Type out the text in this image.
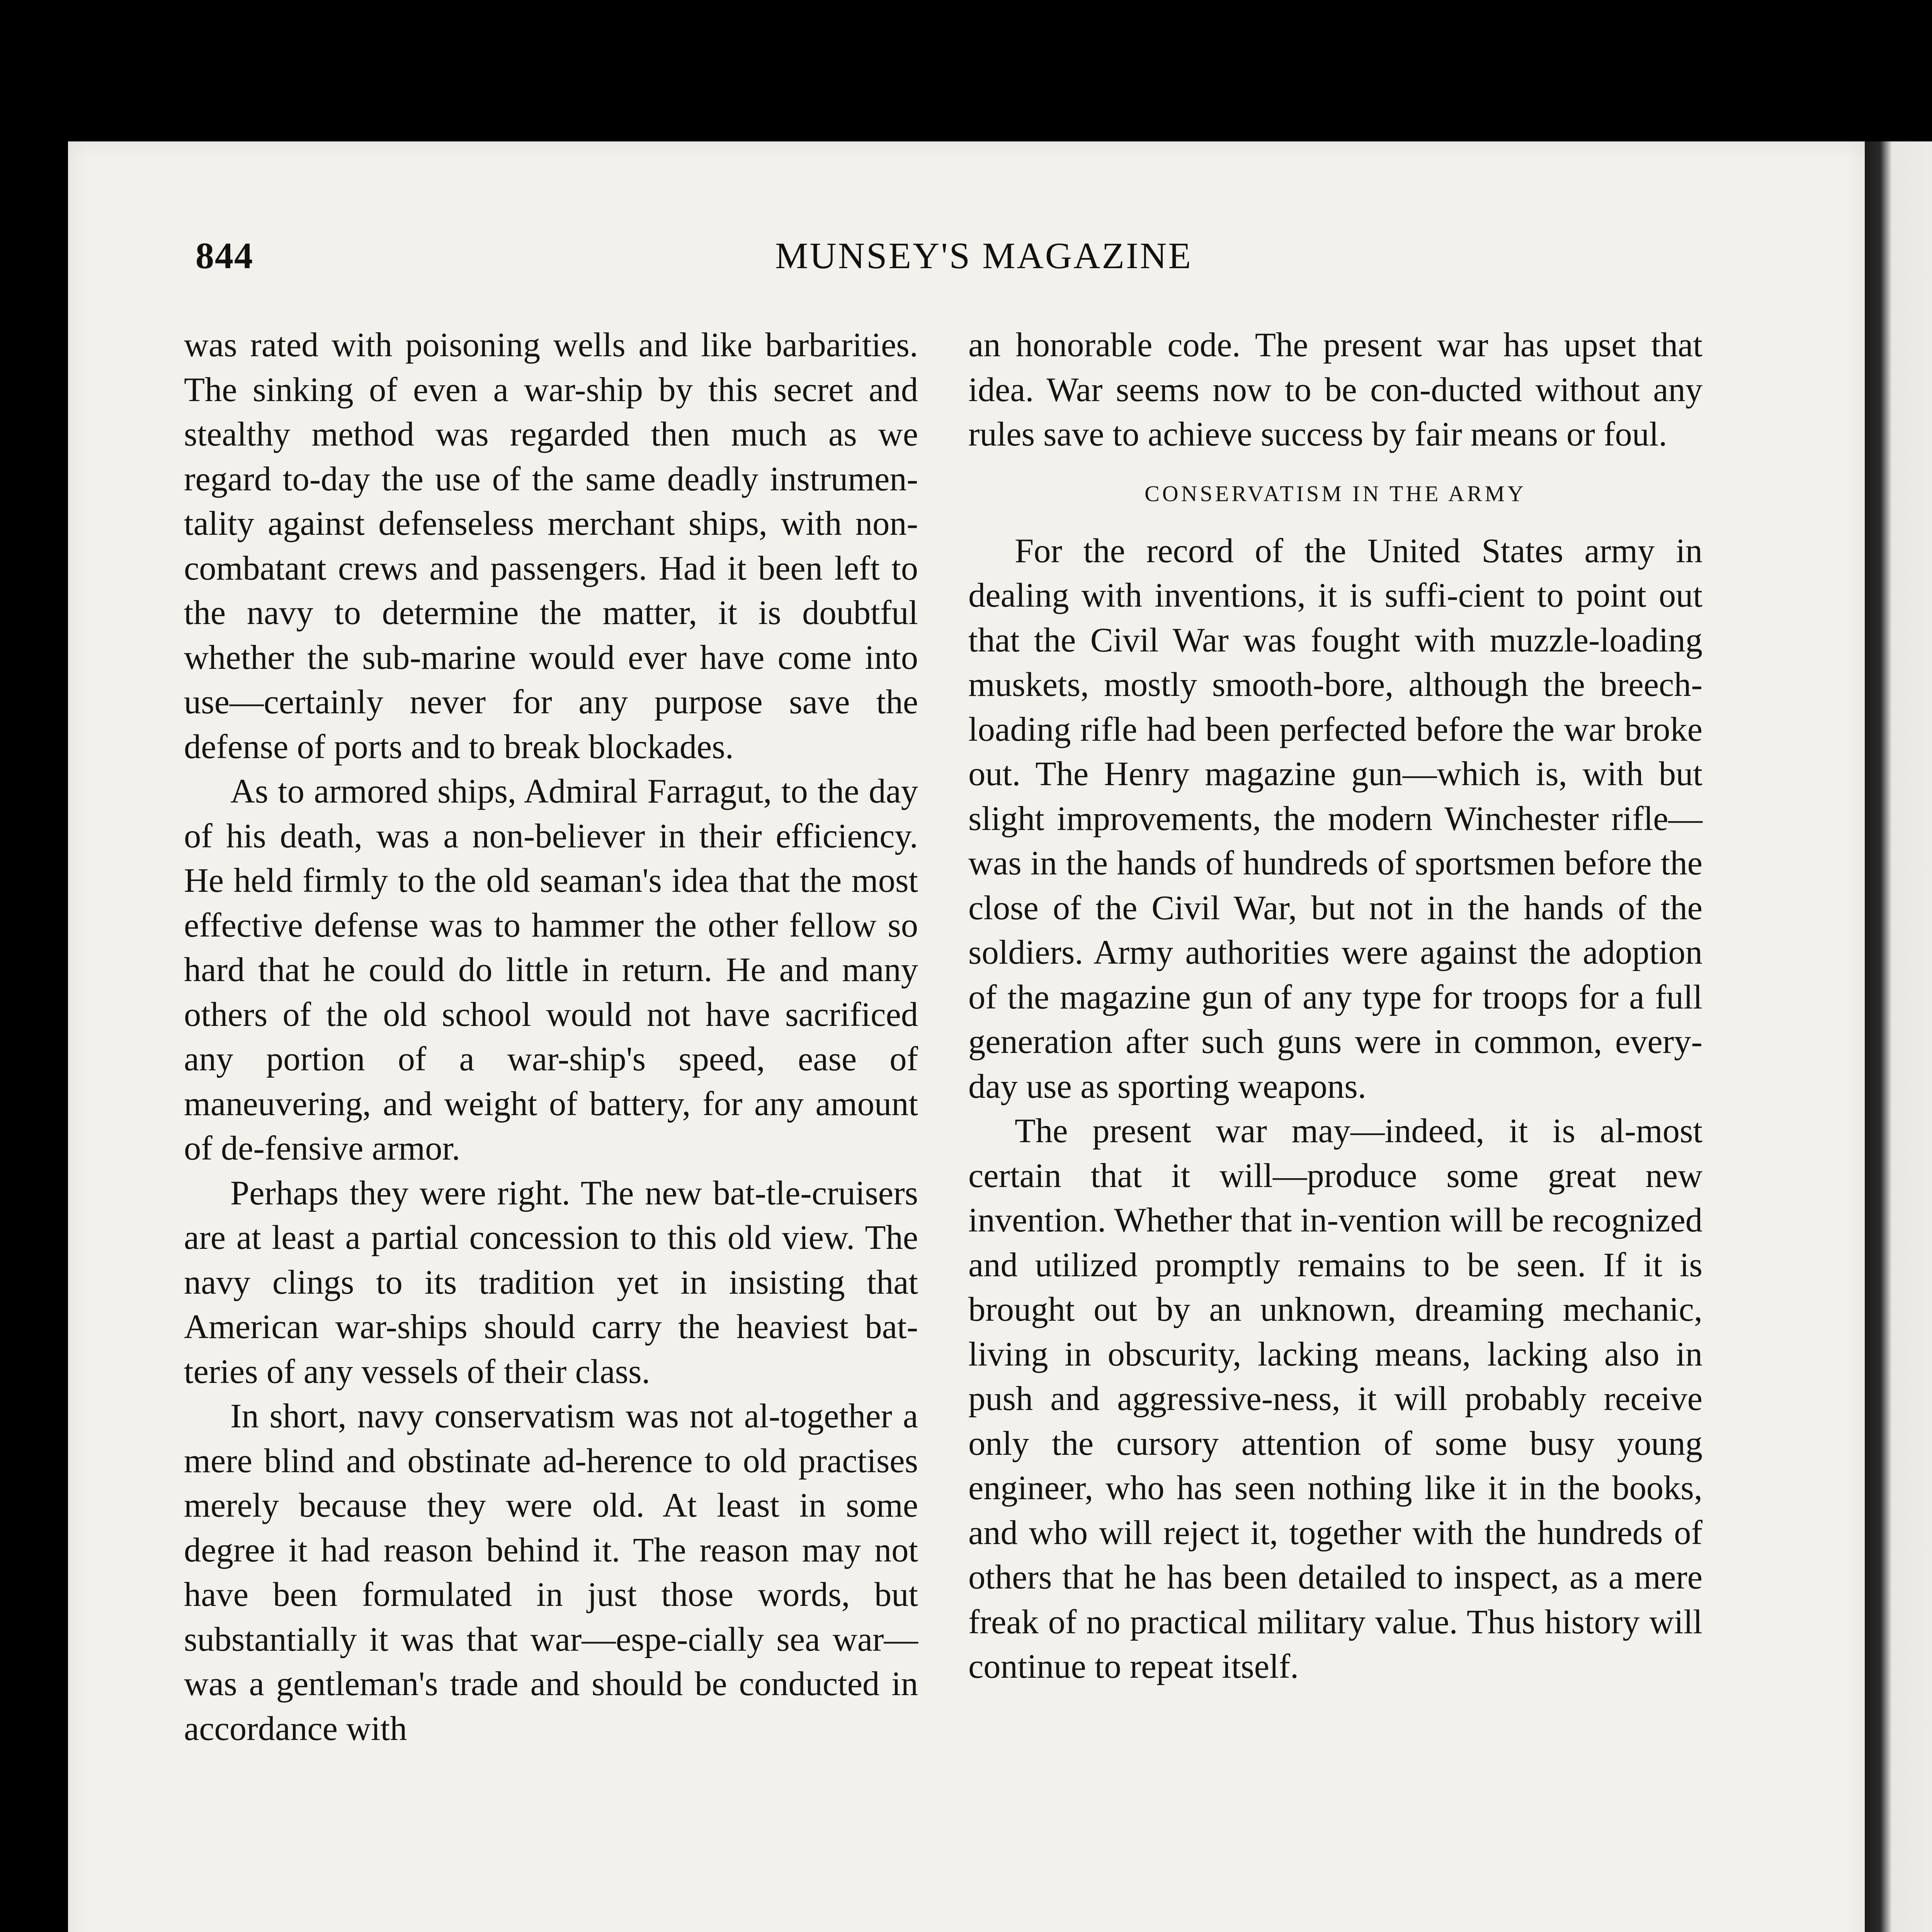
844	MUNSEY'S MAGAZINE

was rated with poisoning wells and like barbarities. The sinking of even a war-ship by this secret and stealthy method was regarded then much as we regard to-day the use of the same deadly instrumen-tality against defenseless merchant ships, with non-combatant crews and passengers. Had it been left to the navy to determine the matter, it is doubtful whether the sub-marine would ever have come into use—certainly never for any purpose save the defense of ports and to break blockades.

As to armored ships, Admiral Farragut, to the day of his death, was a non-believer in their efficiency. He held firmly to the old seaman's idea that the most effective defense was to hammer the other fellow so hard that he could do little in return. He and many others of the old school would not have sacrificed any portion of a war-ship's speed, ease of maneuvering, and weight of battery, for any amount of de-fensive armor.

Perhaps they were right. The new bat-tle-cruisers are at least a partial concession to this old view. The navy clings to its tradition yet in insisting that American war-ships should carry the heaviest bat-teries of any vessels of their class.

In short, navy conservatism was not al-together a mere blind and obstinate ad-herence to old practises merely because they were old. At least in some degree it had reason behind it. The reason may not have been formulated in just those words, but substantially it was that war—espe-cially sea war—was a gentleman's trade and should be conducted in accordance with

an honorable code. The present war has upset that idea. War seems now to be con-ducted without any rules save to achieve success by fair means or foul.

CONSERVATISM IN THE ARMY

For the record of the United States army in dealing with inventions, it is suffi-cient to point out that the Civil War was fought with muzzle-loading muskets, mostly smooth-bore, although the breech-loading rifle had been perfected before the war broke out. The Henry magazine gun—which is, with but slight improvements, the modern Winchester rifle—was in the hands of hundreds of sportsmen before the close of the Civil War, but not in the hands of the soldiers. Army authorities were against the adoption of the magazine gun of any type for troops for a full generation after such guns were in common, every-day use as sporting weapons.

The present war may—indeed, it is al-most certain that it will—produce some great new invention. Whether that in-vention will be recognized and utilized promptly remains to be seen. If it is brought out by an unknown, dreaming mechanic, living in obscurity, lacking means, lacking also in push and aggressive-ness, it will probably receive only the cursory attention of some busy young engineer, who has seen nothing like it in the books, and who will reject it, together with the hundreds of others that he has been detailed to inspect, as a mere freak of no practical military value. Thus history will continue to repeat itself.
